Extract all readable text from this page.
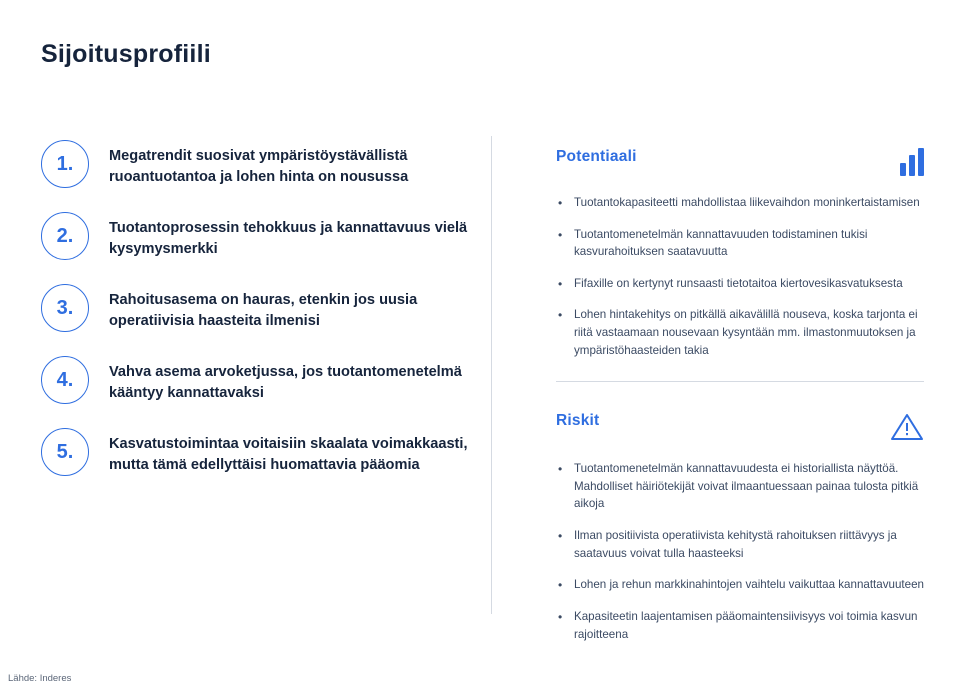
Sijoitusprofiili
1.	Megatrendit suosivat ympäristöystävällistä ruoantuotantoa ja lohen hinta on nousussa
2.	Tuotantoprosessin tehokkuus ja kannattavuus vielä kysymysmerkki
3.	Rahoitusasema on hauras, etenkin jos uusia operatiivisia haasteita ilmenisi
4.	Vahva asema arvoketjussa, jos tuotantomenetelmä kääntyy kannattavaksi
5.	Kasvatustoimintaa voitaisiin skaalata voimakkaasti, mutta tämä edellyttäisi huomattavia pääomia
Potentiaali
• Tuotantokapasiteetti mahdollistaa liikevaihdon moninkertaistamisen
• Tuotantomenetelmän kannattavuuden todistaminen tukisi kasvurahoituksen saatavuutta
• Fifaxille on kertynyt runsaasti tietotaitoa kiertovesikasvatuksesta
• Lohen hintakehitys on pitkällä aikavälillä nouseva, koska tarjonta ei riitä vastaamaan nousevaan kysyntään mm. ilmastonmuutoksen ja ympäristöhaasteiden takia
Riskit
• Tuotantomenetelmän kannattavuudesta ei historiallista näyttöä. Mahdolliset häiriötekijät voivat ilmaantuessaan painaa tulosta pitkiä aikoja
• Ilman positiivista operatiivista kehitystä rahoituksen riittävyys ja saatavuus voivat tulla haasteeksi
• Lohen ja rehun markkinahintojen vaihtelu vaikuttaa kannattavuuteen
• Kapasiteetin laajentamisen pääomaintensiivisyys voi toimia kasvun rajoitteena
Lähde: Inderes
